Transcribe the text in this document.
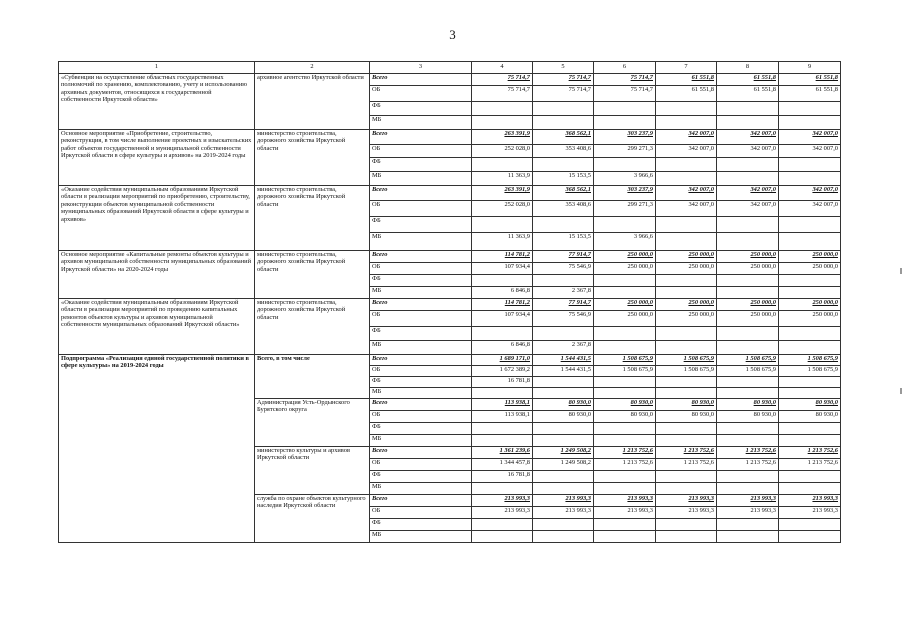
3
1	2	3	4	5	6	7	8	9
«Субвенции на осуществление областных государственных полномочий по хранению, комплектованию, учету и использованию архивных документов, относящихся к государственной собственности Иркутской области»	архивное агентство Иркутской области	Всего	75 714,7	75 714,7	75 714,7	61 551,8	61 551,8	61 551,8
		ОБ	75 714,7	75 714,7	75 714,7	61 551,8	61 551,8	61 551,8
		ФБ						
		МБ						
Основное мероприятие «Приобретение, строительство, реконструкция, в том числе выполнение проектных и изыскательских работ объектов государственной и муниципальной собственности Иркутской области в сфере культуры и архивов» на 2019-2024 годы	министерство строительства, дорожного хозяйства Иркутской области	Всего	263 391,9	368 562,1	303 237,9	342 007,0	342 007,0	342 007,0
		ОБ	252 028,0	353 408,6	299 271,3	342 007,0	342 007,0	342 007,0
		ФБ						
		МБ	11 363,9	15 153,5	3 966,6			
«Оказание содействия муниципальным образованиям Иркутской области в реализации мероприятий по приобретению, строительству, реконструкции объектов муниципальной собственности муниципальных образований Иркутской области в сфере культуры и архивов»	министерство строительства, дорожного хозяйства Иркутской области	Всего	263 391,9	368 562,1	303 237,9	342 007,0	342 007,0	342 007,0
		ОБ	252 028,0	353 408,6	299 271,3	342 007,0	342 007,0	342 007,0
		ФБ						
		МБ	11 363,9	15 153,5	3 966,6			
Основное мероприятие «Капитальные ремонты объектов культуры и архивов муниципальной собственности муниципальных образований Иркутской области» на 2020-2024 годы	министерство строительства, дорожного хозяйства Иркутской области	Всего	114 781,2	77 914,7	250 000,0	250 000,0	250 000,0	250 000,0
		ОБ	107 934,4	75 546,9	250 000,0	250 000,0	250 000,0	250 000,0
		ФБ						
		МБ	6 846,8	2 367,8				
«Оказание содействия муниципальным образованиям Иркутской области в реализации мероприятий по проведению капитальных ремонтов объектов культуры и архивов муниципальной собственности муниципальных образований Иркутской области»	министерство строительства, дорожного хозяйства Иркутской области	Всего	114 781,2	77 914,7	250 000,0	250 000,0	250 000,0	250 000,0
		ОБ	107 934,4	75 546,9	250 000,0	250 000,0	250 000,0	250 000,0
		ФБ						
		МБ	6 846,8	2 367,8				
Подпрограмма «Реализация единой государственной политики в сфере культуры» на 2019-2024 годы	Всего, в том числе	Всего	1 689 171,0	1 544 431,5	1 508 675,9	1 508 675,9	1 508 675,9	1 508 675,9
		ОБ	1 672 389,2	1 544 431,5	1 508 675,9	1 508 675,9	1 508 675,9	1 508 675,9
		ФБ	16 781,8					
		МБ						
	Администрация Усть-Ордынского Бурятского округа	Всего	113 938,1	80 930,0	80 930,0	80 930,0	80 930,0	80 930,0
		ОБ	113 938,1	80 930,0	80 930,0	80 930,0	80 930,0	80 930,0
		ФБ						
		МБ						
	министерство культуры и архивов Иркутской области	Всего	1 361 239,6	1 249 508,2	1 213 752,6	1 213 752,6	1 213 752,6	1 213 752,6
		ОБ	1 344 457,8	1 249 508,2	1 213 752,6	1 213 752,6	1 213 752,6	1 213 752,6
		ФБ	16 781,8					
		МБ						
	служба по охране объектов культурного наследия Иркутской области	Всего	213 993,3	213 993,3	213 993,3	213 993,3	213 993,3	213 993,3
		ОБ	213 993,3	213 993,3	213 993,3	213 993,3	213 993,3	213 993,3
		ФБ						
		МБ						
